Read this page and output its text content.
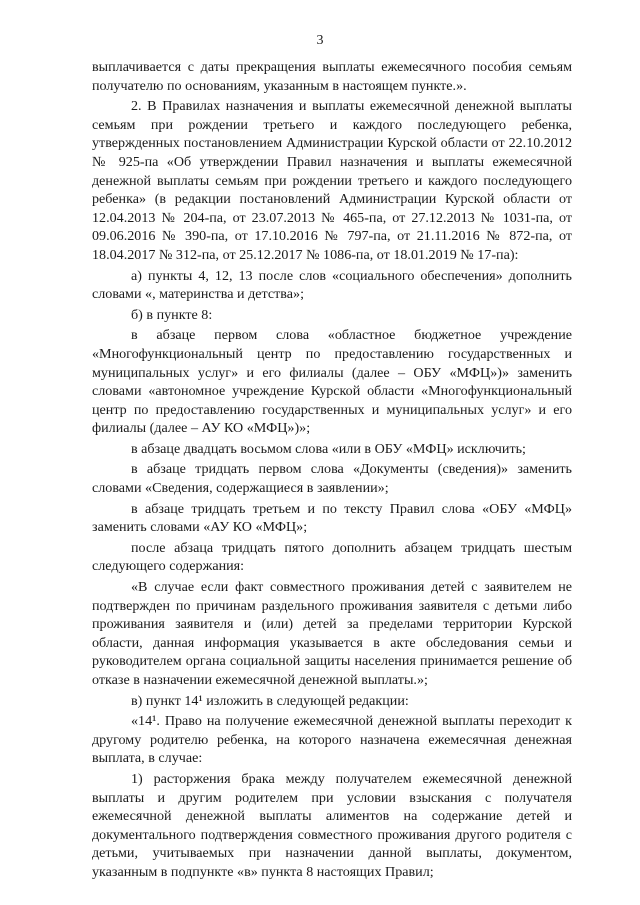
3

выплачивается с даты прекращения выплаты ежемесячного пособия семьям получателю по основаниям, указанным в настоящем пункте.».

2. В Правилах назначения и выплаты ежемесячной денежной выплаты семьям при рождении третьего и каждого последующего ребенка, утвержденных постановлением Администрации Курской области от 22.10.2012 № 925-па «Об утверждении Правил назначения и выплаты ежемесячной денежной выплаты семьям при рождении третьего и каждого последующего ребенка» (в редакции постановлений Администрации Курской области от 12.04.2013 № 204-па, от 23.07.2013 № 465-па, от 27.12.2013 № 1031-па, от 09.06.2016 № 390-па, от 17.10.2016 № 797-па, от 21.11.2016 № 872-па, от 18.04.2017 № 312-па, от 25.12.2017 № 1086-па, от 18.01.2019 № 17-па):

а) пункты 4, 12, 13 после слов «социального обеспечения» дополнить словами «, материнства и детства»;

б) в пункте 8:

в абзаце первом слова «областное бюджетное учреждение «Многофункциональный центр по предоставлению государственных и муниципальных услуг» и его филиалы (далее – ОБУ «МФЦ»)» заменить словами «автономное учреждение Курской области «Многофункциональный центр по предоставлению государственных и муниципальных услуг» и его филиалы (далее – АУ КО «МФЦ»)»;

в абзаце двадцать восьмом слова «или в ОБУ «МФЦ» исключить;

в абзаце тридцать первом слова «Документы (сведения)» заменить словами «Сведения, содержащиеся в заявлении»;

в абзаце тридцать третьем и по тексту Правил слова «ОБУ «МФЦ» заменить словами «АУ КО «МФЦ»;

после абзаца тридцать пятого дополнить абзацем тридцать шестым следующего содержания:

«В случае если факт совместного проживания детей с заявителем не подтвержден по причинам раздельного проживания заявителя с детьми либо проживания заявителя и (или) детей за пределами территории Курской области, данная информация указывается в акте обследования семьи и руководителем органа социальной защиты населения принимается решение об отказе в назначении ежемесячной денежной выплаты.»;

в) пункт 14¹ изложить в следующей редакции:

«14¹. Право на получение ежемесячной денежной выплаты переходит к другому родителю ребенка, на которого назначена ежемесячная денежная выплата, в случае:

1) расторжения брака между получателем ежемесячной денежной выплаты и другим родителем при условии взыскания с получателя ежемесячной денежной выплаты алиментов на содержание детей и документального подтверждения совместного проживания другого родителя с детьми, учитываемых при назначении данной выплаты, документом, указанным в подпункте «в» пункта 8 настоящих Правил;
